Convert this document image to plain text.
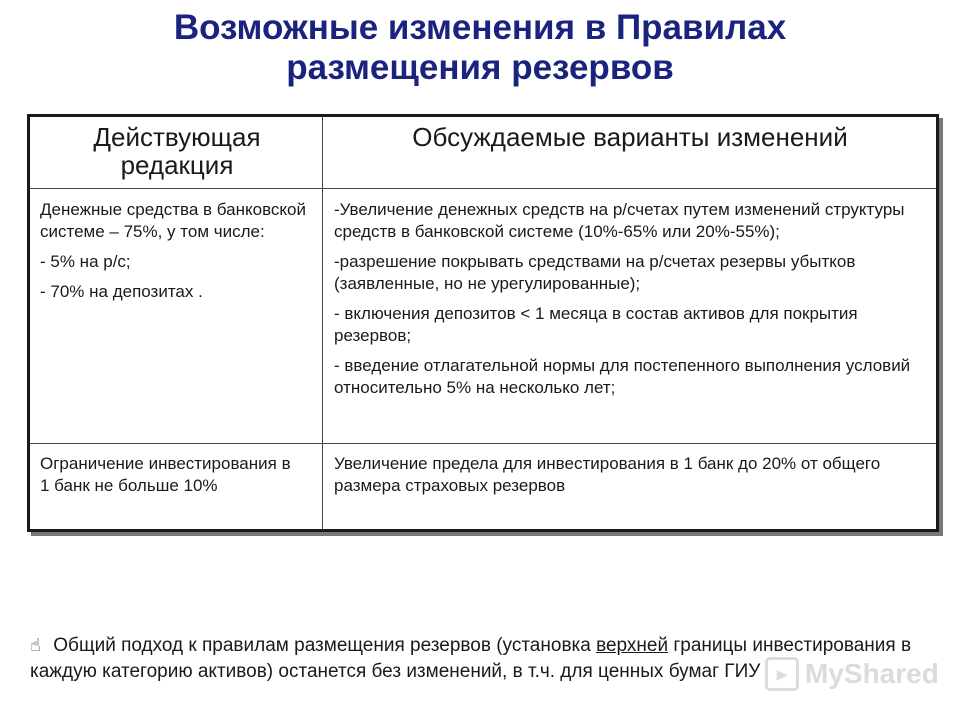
Возможные изменения в Правилах
размещения резервов
Действующая редакция
Обсуждаемые варианты изменений

Денежные средства в банковской системе – 75%, у том числе:

- 5% на р/с;

- 70% на депозитах .

-Увеличение денежных средств на р/счетах путем изменений структуры средств в банковской системе (10%-65% или 20%-55%);

-разрешение покрывать средствами на р/счетах резервы убытков (заявленные, но не урегулированные);

- включения депозитов < 1 месяца в состав активов для покрытия резервов;

- введение отлагательной нормы для постепенного выполнения условий относительно 5% на несколько лет;

Ограничение инвестирования в 1 банк не больше 10%

Увеличение предела для инвестирования в 1 банк до 20% от общего размера страховых резервов

☝ Общий подход к правилам размещения резервов (установка верхней границы инвестирования в каждую категорию активов) останется без изменений, в т.ч. для ценных бумаг ГИУ	▶ MyShared
